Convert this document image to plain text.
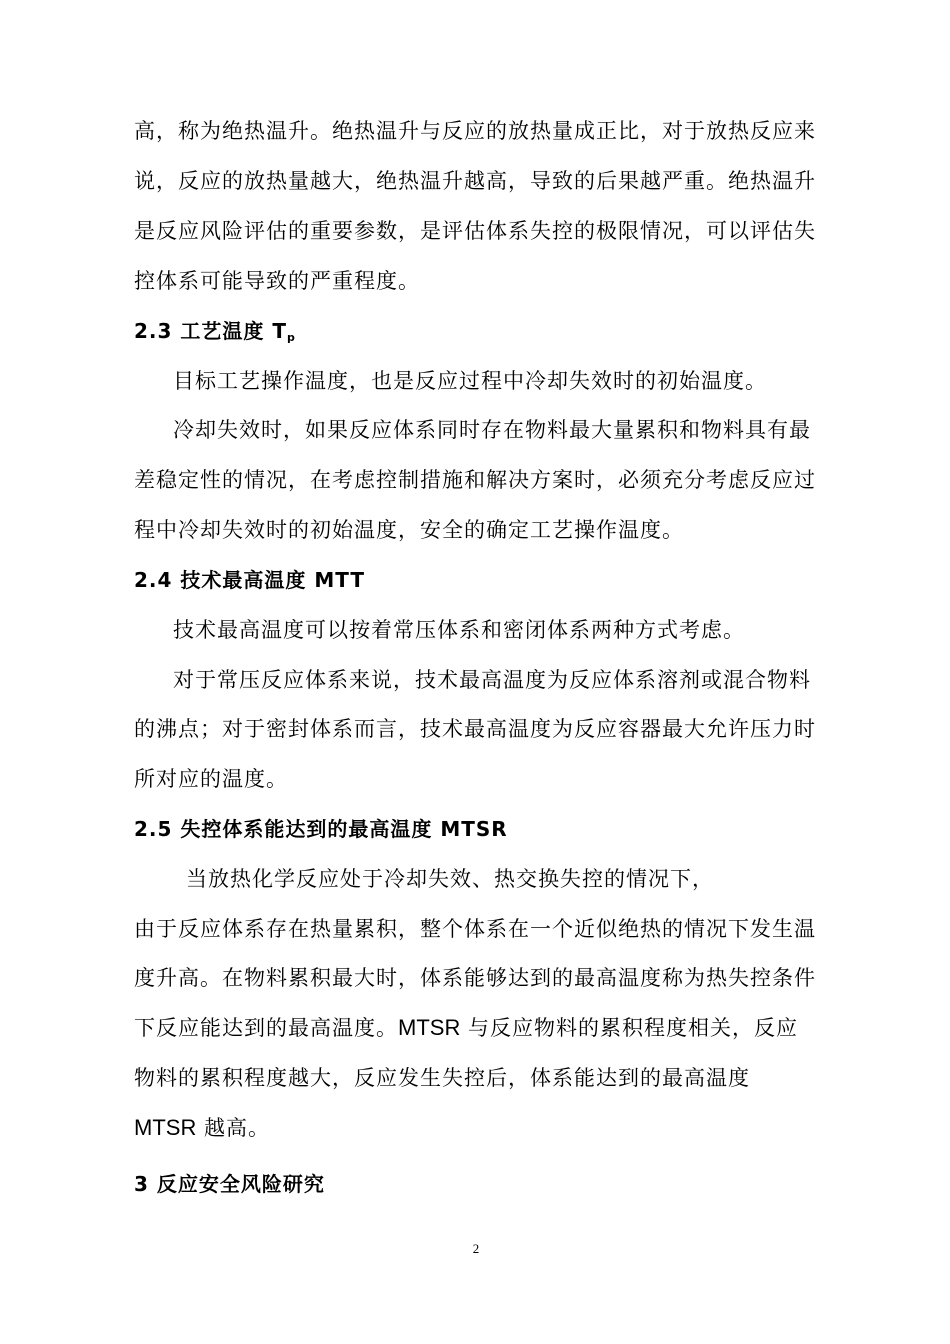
高，称为绝热温升。绝热温升与反应的放热量成正比，对于放热反应来
说，反应的放热量越大，绝热温升越高，导致的后果越严重。绝热温升
是反应风险评估的重要参数，是评估体系失控的极限情况，可以评估失
控体系可能导致的严重程度。
2.3 工艺温度 $T_p$
目标工艺操作温度，也是反应过程中冷却失效时的初始温度。
冷却失效时，如果反应体系同时存在物料最大量累积和物料具有最
差稳定性的情况，在考虑控制措施和解决方案时，必须充分考虑反应过
程中冷却失效时的初始温度，安全的确定工艺操作温度。
2.4 技术最高温度 MTT
技术最高温度可以按着常压体系和密闭体系两种方式考虑。
对于常压反应体系来说，技术最高温度为反应体系溶剂或混合物料
的沸点；对于密封体系而言，技术最高温度为反应容器最大允许压力时
所对应的温度。
2.5 失控体系能达到的最高温度 MTSR
当放热化学反应处于冷却失效、热交换失控的情况下，
由于反应体系存在热量累积，整个体系在一个近似绝热的情况下发生温
度升高。在物料累积最大时，体系能够达到的最高温度称为热失控条件
下反应能达到的最高温度。MTSR 与反应物料的累积程度相关，反应
物料的累积程度越大，反应发生失控后，体系能达到的最高温度
MTSR 越高。
3 反应安全风险研究
2
